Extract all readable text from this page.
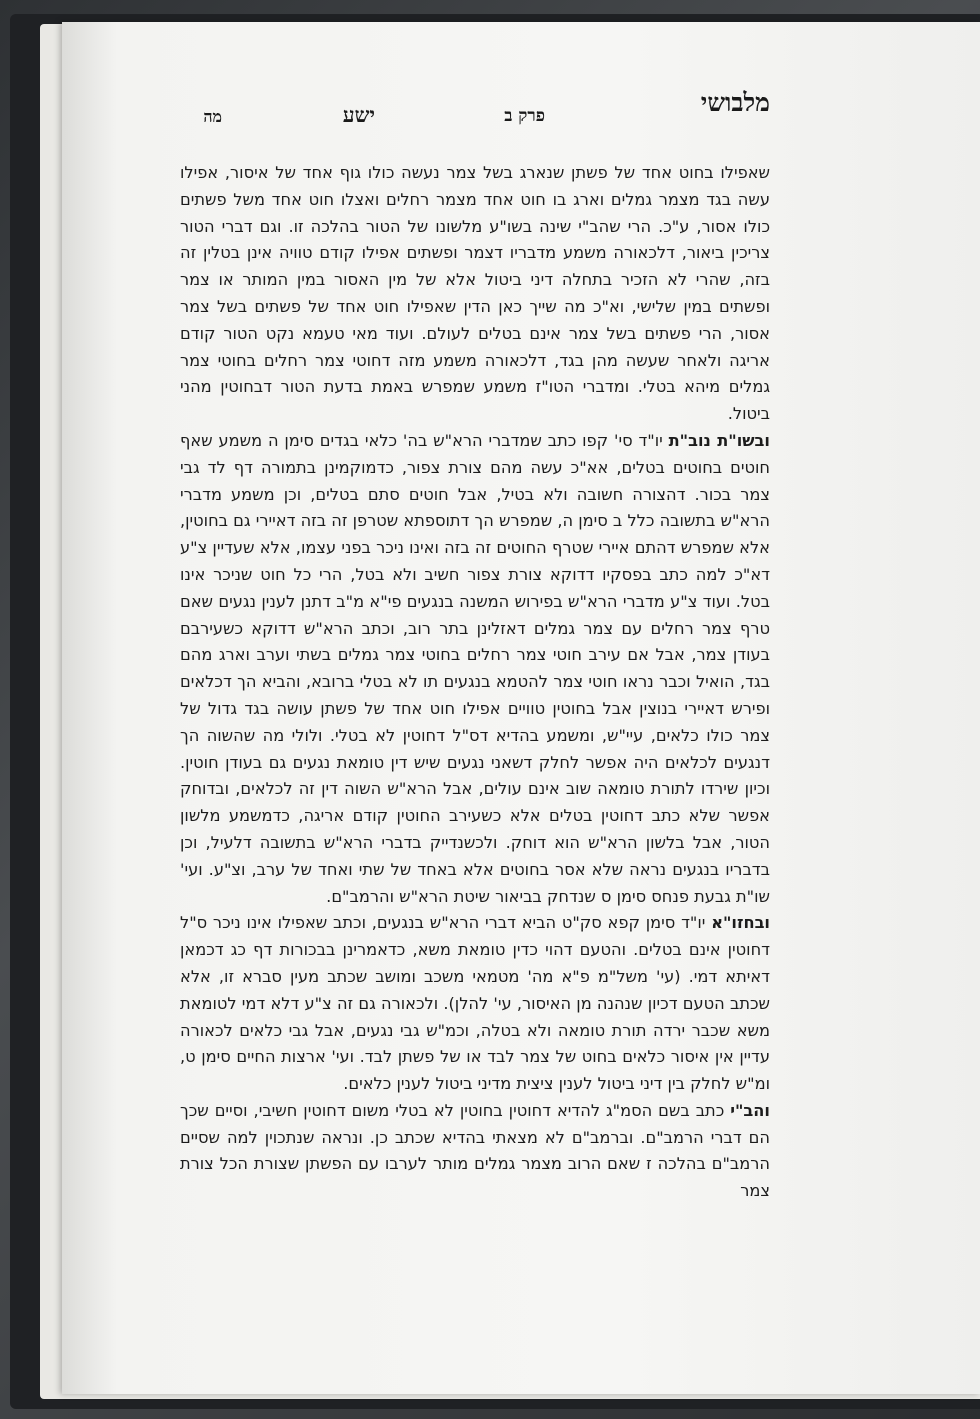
מלבושי
פרק ב
ישע
מה

שאפילו בחוט אחד של פשתן שנארג בשל צמר נעשה כולו גוף אחד של איסור, אפילו עשה בגד מצמר גמלים וארג בו חוט אחד מצמר רחלים ואצלו חוט אחד משל פשתים כולו אסור, ע"כ. הרי שהב"י שינה בשו"ע מלשונו של הטור בהלכה זו. וגם דברי הטור צריכין ביאור, דלכאורה משמע מדבריו דצמר ופשתים אפילו קודם טוויה אינן בטלין זה בזה, שהרי לא הזכיר בתחלה דיני ביטול אלא של מין האסור במין המותר או צמר ופשתים במין שלישי, וא"כ מה שייך כאן הדין שאפילו חוט אחד של פשתים בשל צמר אסור, הרי פשתים בשל צמר אינם בטלים לעולם. ועוד מאי טעמא נקט הטור קודם אריגה ולאחר שעשה מהן בגד, דלכאורה משמע מזה דחוטי צמר רחלים בחוטי צמר גמלים מיהא בטלי. ומדברי הטו"ז משמע שמפרש באמת בדעת הטור דבחוטין מהני ביטול.

ובשו"ת נוב"ת יו"ד סי' קפו כתב שמדברי הרא"ש בה' כלאי בגדים סימן ה משמע שאף חוטים בחוטים בטלים, אא"כ עשה מהם צורת צפור, כדמוקמינן בתמורה דף לד גבי צמר בכור. דהצורה חשובה ולא בטיל, אבל חוטים סתם בטלים, וכן משמע מדברי הרא"ש בתשובה כלל ב סימן ה, שמפרש הך דתוספתא שטרפן זה בזה דאיירי גם בחוטין, אלא שמפרש דהתם איירי שטרף החוטים זה בזה ואינו ניכר בפני עצמו, אלא שעדיין צ"ע דא"כ למה כתב בפסקיו דדוקא צורת צפור חשיב ולא בטל, הרי כל חוט שניכר אינו בטל. ועוד צ"ע מדברי הרא"ש בפירוש המשנה בנגעים פי"א מ"ב דתנן לענין נגעים שאם טרף צמר רחלים עם צמר גמלים דאזלינן בתר רוב, וכתב הרא"ש דדוקא כשעירבם בעודן צמר, אבל אם עירב חוטי צמר רחלים בחוטי צמר גמלים בשתי וערב וארג מהם בגד, הואיל וכבר נראו חוטי צמר להטמא בנגעים תו לא בטלי ברובא, והביא הך דכלאים ופירש דאיירי בנוצין אבל בחוטין טוויים אפילו חוט אחד של פשתן עושה בגד גדול של צמר כולו כלאים, עיי"ש, ומשמע בהדיא דס"ל דחוטין לא בטלי. ולולי מה שהשוה הך דנגעים לכלאים היה אפשר לחלק דשאני נגעים שיש דין טומאת נגעים גם בעודן חוטין. וכיון שירדו לתורת טומאה שוב אינם עולים, אבל הרא"ש השוה דין זה לכלאים, ובדוחק אפשר שלא כתב דחוטין בטלים אלא כשעירב החוטין קודם אריגה, כדמשמע מלשון הטור, אבל בלשון הרא"ש הוא דוחק. ולכשנדייק בדברי הרא"ש בתשובה דלעיל, וכן בדבריו בנגעים נראה שלא אסר בחוטים אלא באחד של שתי ואחד של ערב, וצ"ע. ועי' שו"ת גבעת פנחס סימן ס שנדחק בביאור שיטת הרא"ש והרמב"ם.

ובחזו"א יו"ד סימן קפא סק"ט הביא דברי הרא"ש בנגעים, וכתב שאפילו אינו ניכר ס"ל דחוטין אינם בטלים. והטעם דהוי כדין טומאת משא, כדאמרינן בבכורות דף כג דכמאן דאיתא דמי. (עי' משל"מ פ"א מה' מטמאי משכב ומושב שכתב מעין סברא זו, אלא שכתב הטעם דכיון שנהנה מן האיסור, עי' להלן). ולכאורה גם זה צ"ע דלא דמי לטומאת משא שכבר ירדה תורת טומאה ולא בטלה, וכמ"ש גבי נגעים, אבל גבי כלאים לכאורה עדיין אין איסור כלאים בחוט של צמר לבד או של פשתן לבד. ועי' ארצות החיים סימן ט, ומ"ש לחלק בין דיני ביטול לענין ציצית מדיני ביטול לענין כלאים.

והב"י כתב בשם הסמ"ג להדיא דחוטין בחוטין לא בטלי משום דחוטין חשיבי, וסיים שכך הם דברי הרמב"ם. וברמב"ם לא מצאתי בהדיא שכתב כן. ונראה שנתכוין למה שסיים הרמב"ם בהלכה ז שאם הרוב מצמר גמלים מותר לערבו עם הפשתן שצורת הכל צורת צמר
